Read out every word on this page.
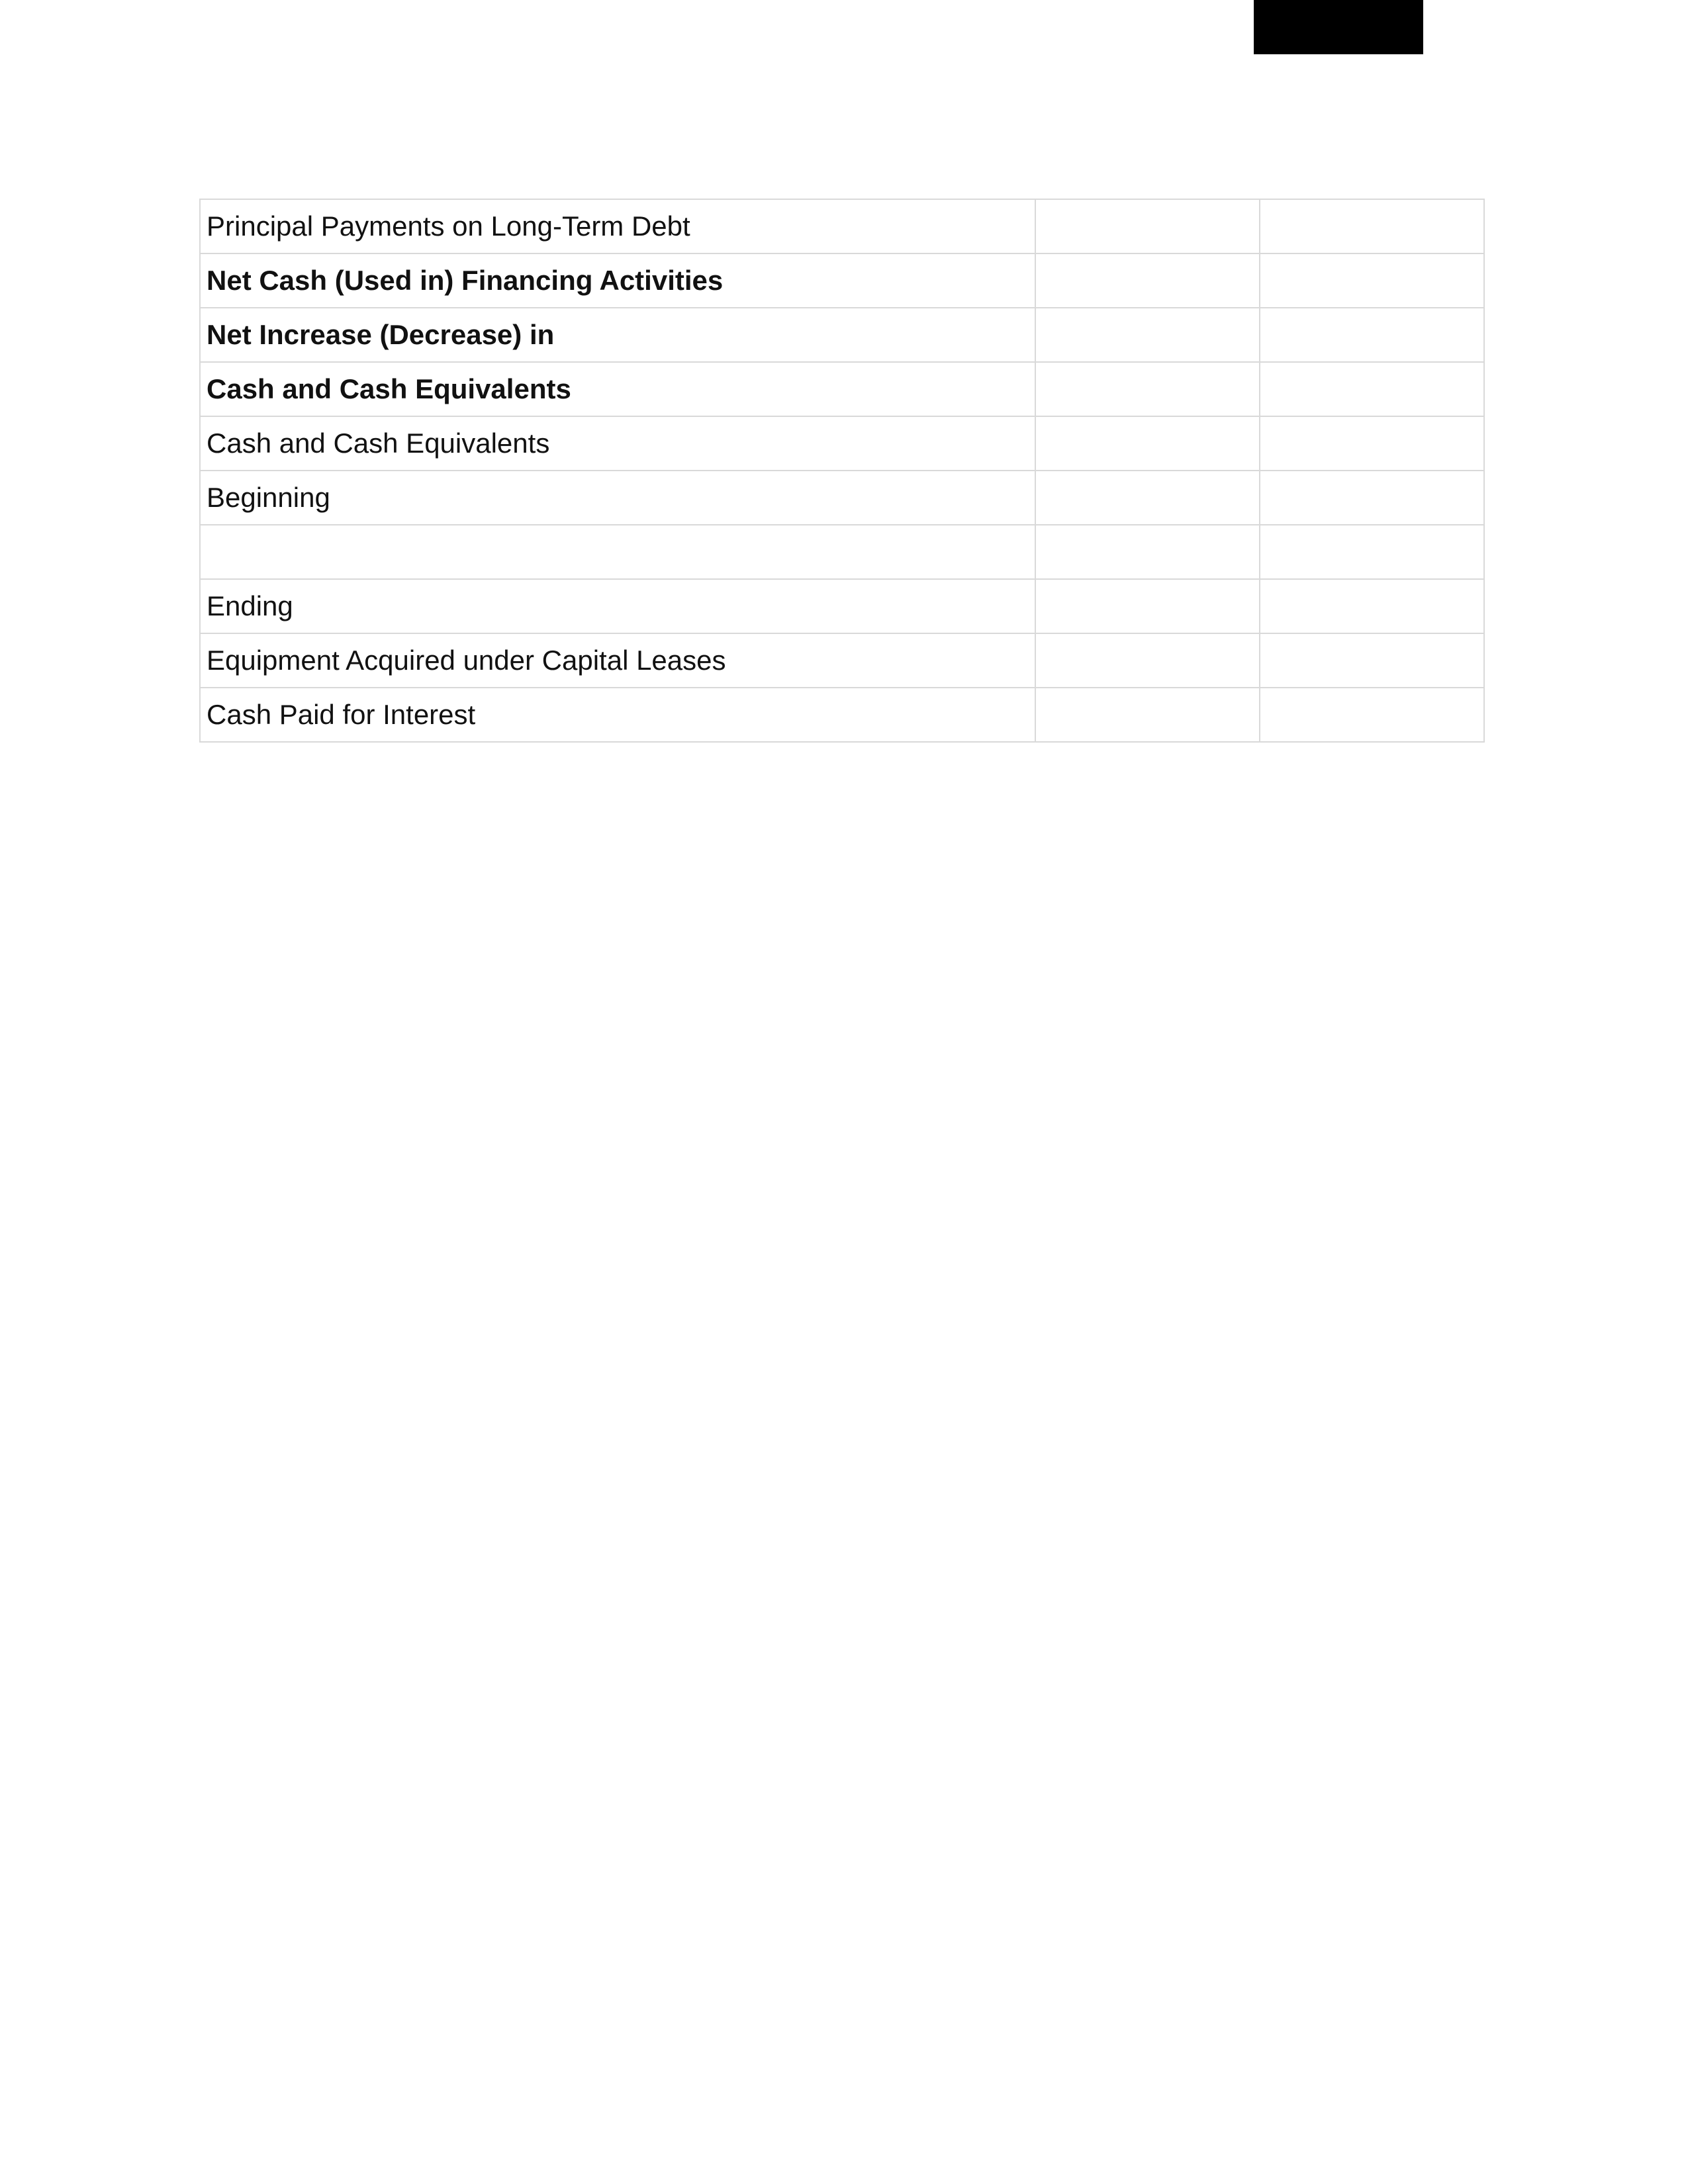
Principal Payments on Long-Term Debt		
Net Cash (Used in) Financing Activities		
Net Increase (Decrease) in		
Cash and Cash Equivalents		
Cash and Cash Equivalents		
Beginning		

Ending		
Equipment Acquired under Capital Leases		
Cash Paid for Interest		
